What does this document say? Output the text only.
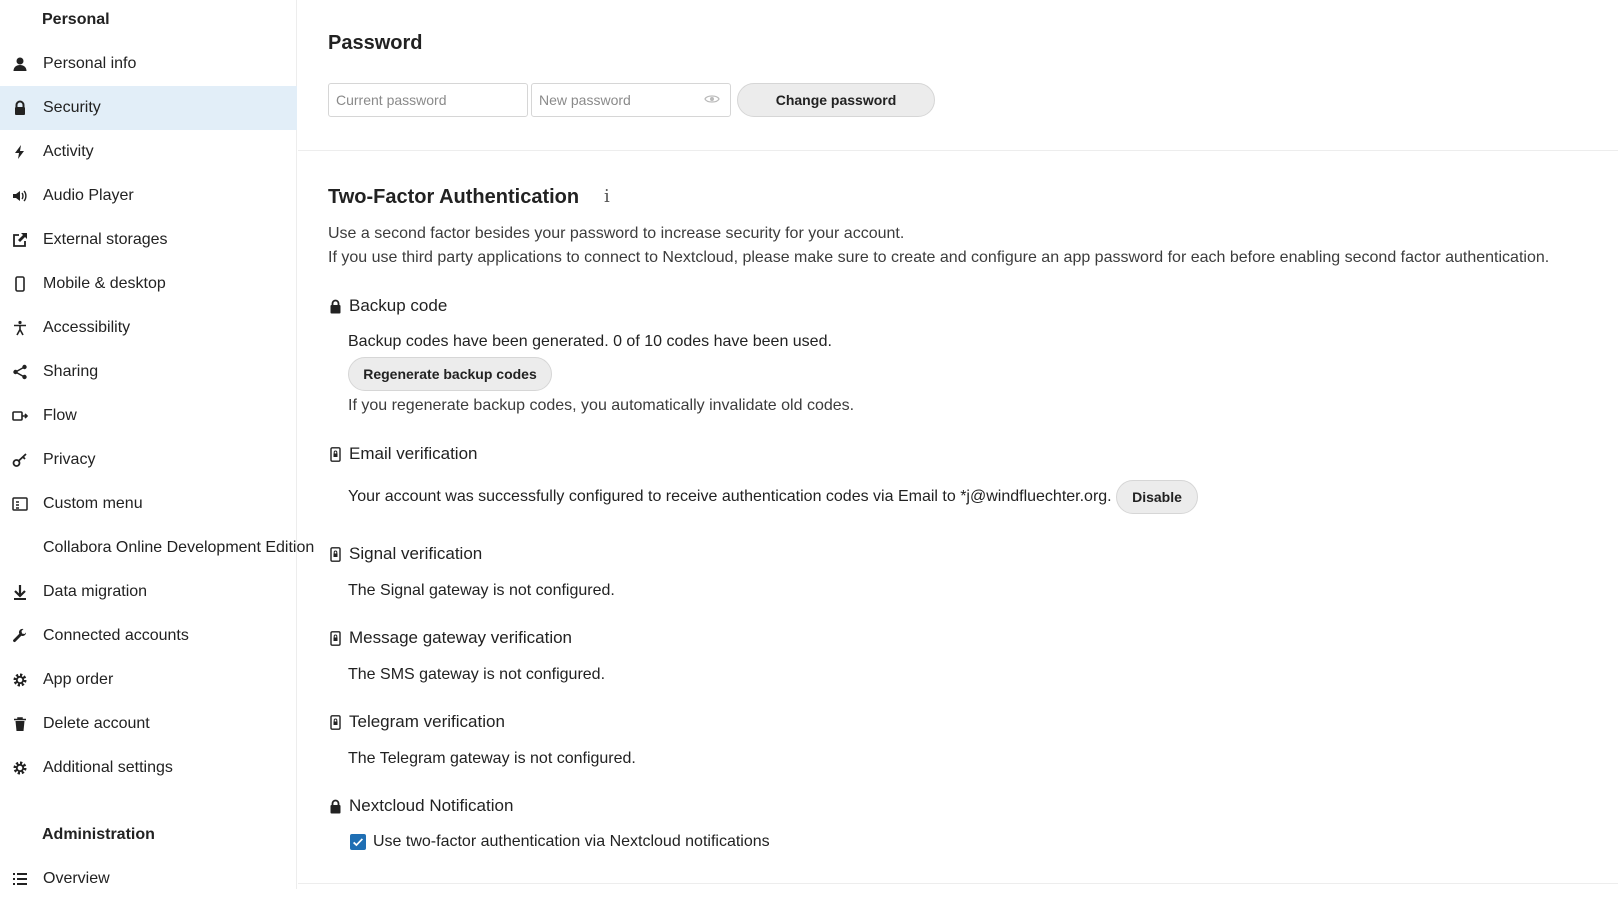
Personal
Personal info
Security
Activity
Audio Player
External storages
Mobile & desktop
Accessibility
Sharing
Flow
Privacy
Custom menu
Collabora Online Development Edition
Data migration
Connected accounts
App order
Delete account
Additional settings
Administration
Overview
Password
Current password
New password
Change password
Two-Factor Authentication i
Use a second factor besides your password to increase security for your account.
If you use third party applications to connect to Nextcloud, please make sure to create and configure an app password for each before enabling second factor authentication.
Backup code
Backup codes have been generated. 0 of 10 codes have been used.
Regenerate backup codes
If you regenerate backup codes, you automatically invalidate old codes.
Email verification
Your account was successfully configured to receive authentication codes via Email to *j@windfluechter.org.	Disable
Signal verification
The Signal gateway is not configured.
Message gateway verification
The SMS gateway is not configured.
Telegram verification
The Telegram gateway is not configured.
Nextcloud Notification
Use two-factor authentication via Nextcloud notifications
